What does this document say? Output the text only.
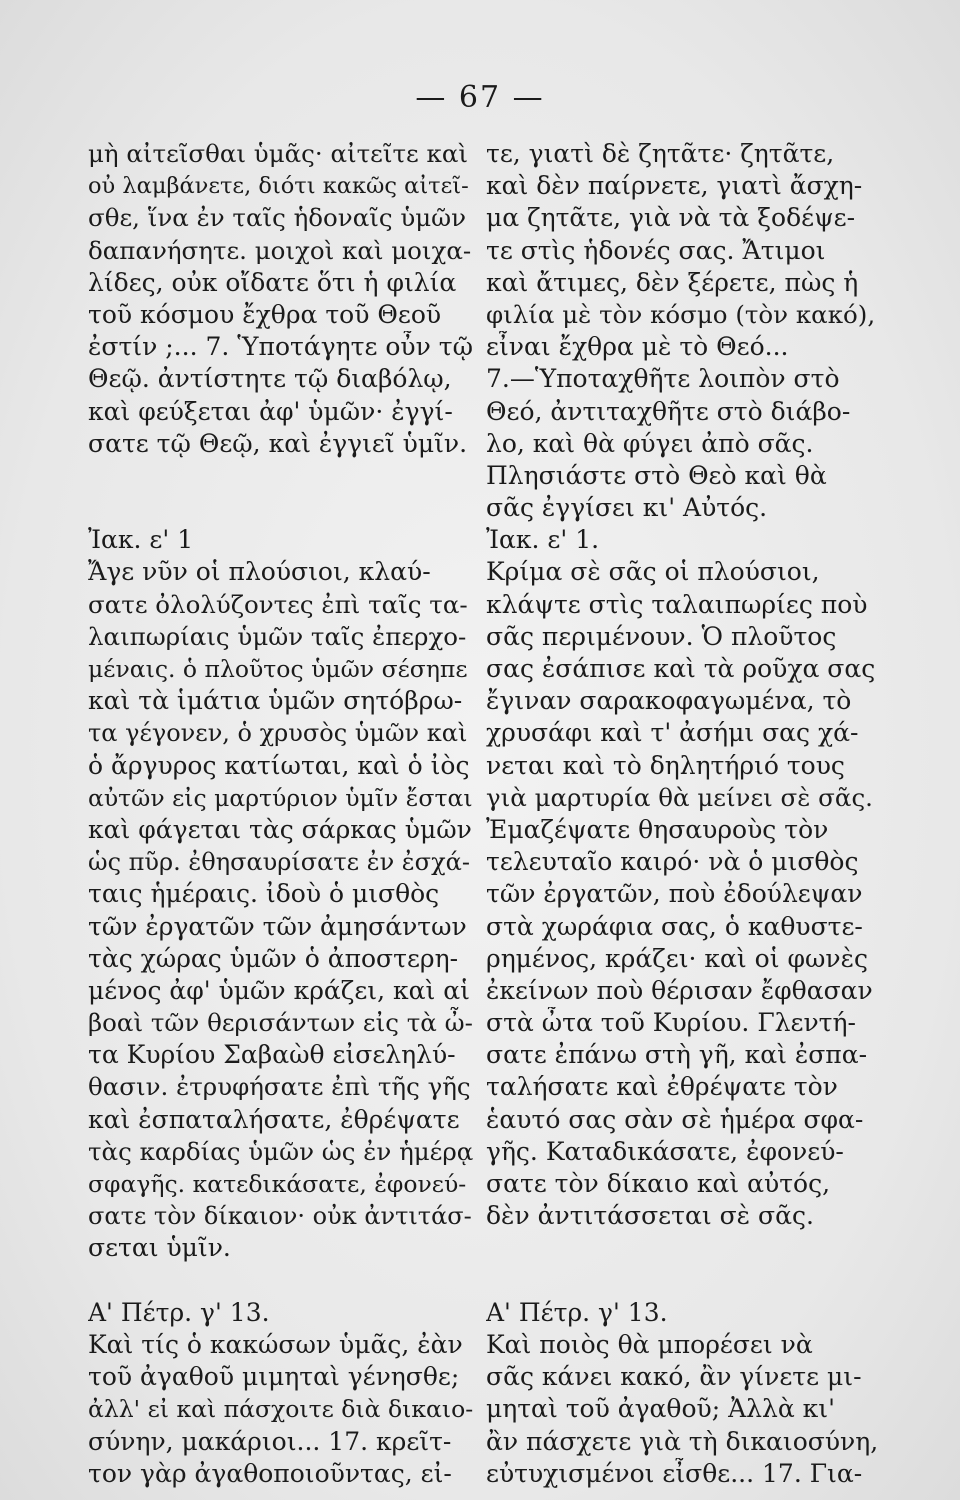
— 67 —
μὴ αἰτεῖσθαι ὑμᾶς· αἰτεῖτε καὶ
οὐ λαμβάνετε, διότι κακῶς αἰτεῖ-
σθε, ἵνα ἐν ταῖς ἡδοναῖς ὑμῶν
δαπανήσητε. μοιχοὶ καὶ μοιχα-
λίδες, οὐκ οἴδατε ὅτι ἡ φιλία
τοῦ κόσμου ἔχθρα τοῦ Θεοῦ
ἐστίν ;... 7. Ὑποτάγητε οὖν τῷ
Θεῷ. ἀντίστητε τῷ διαβόλῳ,
καὶ φεύξεται ἀφ' ὑμῶν· ἐγγί-
σατε τῷ Θεῷ, καὶ ἐγγιεῖ ὑμῖν.
Ἰακ. ε' 1
Ἄγε νῦν οἱ πλούσιοι, κλαύ-
σατε ὀλολύζοντες ἐπὶ ταῖς τα-
λαιπωρίαις ὑμῶν ταῖς ἐπερχο-
μέναις. ὁ πλοῦτος ὑμῶν σέσηπε
καὶ τὰ ἱμάτια ὑμῶν σητόβρω-
τα γέγονεν, ὁ χρυσὸς ὑμῶν καὶ
ὁ ἄργυρος κατίωται, καὶ ὁ ἰὸς
αὐτῶν εἰς μαρτύριον ὑμῖν ἔσται
καὶ φάγεται τὰς σάρκας ὑμῶν
ὡς πῦρ. ἐθησαυρίσατε ἐν ἐσχά-
ταις ἡμέραις. ἰδοὺ ὁ μισθὸς
τῶν ἐργατῶν τῶν ἀμησάντων
τὰς χώρας ὑμῶν ὁ ἀποστερη-
μένος ἀφ' ὑμῶν κράζει, καὶ αἱ
βοαὶ τῶν θερισάντων εἰς τὰ ὦ-
τα Κυρίου Σαβαὼθ εἰσεληλύ-
θασιν. ἐτρυφήσατε ἐπὶ τῆς γῆς
καὶ ἐσπαταλήσατε, ἐθρέψατε
τὰς καρδίας ὑμῶν ὡς ἐν ἡμέρᾳ
σφαγῆς. κατεδικάσατε, ἐφονεύ-
σατε τὸν δίκαιον· οὐκ ἀντιτάσ-
σεται ὑμῖν.
Α' Πέτρ. γ' 13.
Καὶ τίς ὁ κακώσων ὑμᾶς, ἐὰν
τοῦ ἀγαθοῦ μιμηταὶ γένησθε;
ἀλλ' εἰ καὶ πάσχοιτε διὰ δικαιο-
σύνην, μακάριοι... 17. κρεῖτ-
τον γὰρ ἀγαθοποιοῦντας, εἰ-
τε, γιατὶ δὲ ζητᾶτε· ζητᾶτε,
καὶ δὲν παίρνετε, γιατὶ ἄσχη-
μα ζητᾶτε, γιὰ νὰ τὰ ξοδέψε-
τε στὶς ἡδονές σας. Ἄτιμοι
καὶ ἄτιμες, δὲν ξέρετε, πὼς ἡ
φιλία μὲ τὸν κόσμο (τὸν κακό),
εἶναι ἔχθρα μὲ τὸ Θεό...
7.—Ὑποταχθῆτε λοιπὸν στὸ
Θεό, ἀντιταχθῆτε στὸ διάβο-
λο, καὶ θὰ φύγει ἀπὸ σᾶς.
Πλησιάστε στὸ Θεὸ καὶ θὰ
σᾶς ἐγγίσει κι' Αὐτός.
Ἰακ. ε' 1.
Κρίμα σὲ σᾶς οἱ πλούσιοι,
κλάψτε στὶς ταλαιπωρίες ποὺ
σᾶς περιμένουν. Ὁ πλοῦτος
σας ἐσάπισε καὶ τὰ ροῦχα σας
ἔγιναν σαρακοφαγωμένα, τὸ
χρυσάφι καὶ τ' ἀσήμι σας χά-
νεται καὶ τὸ δηλητήριό τους
γιὰ μαρτυρία θὰ μείνει σὲ σᾶς.
Ἐμαζέψατε θησαυροὺς τὸν
τελευταῖο καιρό· νὰ ὁ μισθὸς
τῶν ἐργατῶν, ποὺ ἐδούλεψαν
στὰ χωράφια σας, ὁ καθυστε-
ρημένος, κράζει· καὶ οἱ φωνὲς
ἐκείνων ποὺ θέρισαν ἔφθασαν
στὰ ὦτα τοῦ Κυρίου. Γλεντή-
σατε ἐπάνω στὴ γῆ, καὶ ἐσπα-
ταλήσατε καὶ ἐθρέψατε τὸν
ἑαυτό σας σὰν σὲ ἡμέρα σφα-
γῆς. Καταδικάσατε, ἐφονεύ-
σατε τὸν δίκαιο καὶ αὐτός,
δὲν ἀντιτάσσεται σὲ σᾶς.
Α' Πέτρ. γ' 13.
Καὶ ποιὸς θὰ μπορέσει νὰ
σᾶς κάνει κακό, ἂν γίνετε μι-
μηταὶ τοῦ ἀγαθοῦ; Ἀλλὰ κι'
ἂν πάσχετε γιὰ τὴ δικαιοσύνη,
εὐτυχισμένοι εἶσθε... 17. Για-
